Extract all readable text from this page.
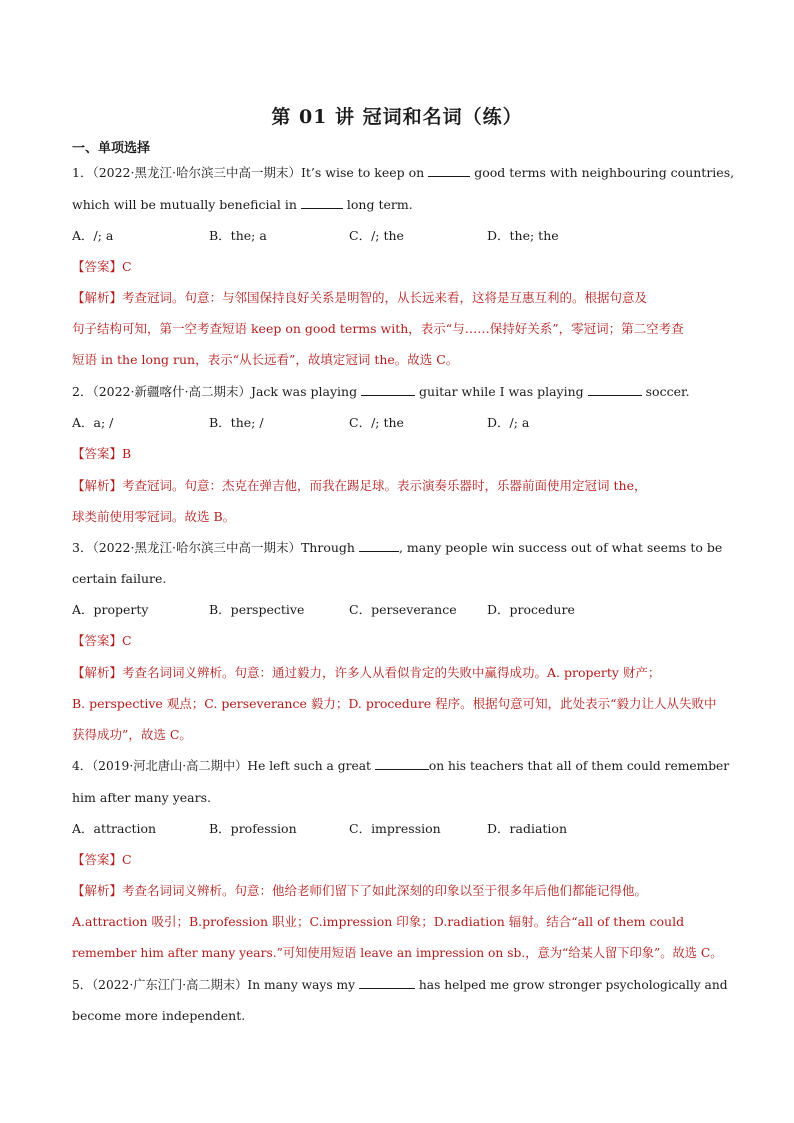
第 01 讲 冠词和名词（练）
一、单项选择
1．（2022·黑龙江·哈尔滨三中高一期末）It’s wise to keep on	good terms with neighbouring countries,
which will be mutually beneficial in	long term.
A．/; a	B．the; a	C．/; the	D．the; the
【答案】C
【解析】考查冠词。句意：与邻国保持良好关系是明智的，从长远来看，这将是互惠互利的。根据句意及
句子结构可知，第一空考查短语 keep on good terms with，表示“与……保持好关系”，零冠词；第二空考查
短语 in the long run，表示“从长远看”，故填定冠词 the。故选 C。
2．（2022·新疆喀什·高二期末）Jack was playing	guitar while I was playing	soccer.
A．a; /	B．the; /	C．/; the	D．/; a
【答案】B
【解析】考查冠词。句意：杰克在弹吉他，而我在踢足球。表示演奏乐器时，乐器前面使用定冠词 the，
球类前使用零冠词。故选 B。
3．（2022·黑龙江·哈尔滨三中高一期末）Through	, many people win success out of what seems to be
certain failure.
A．property	B．perspective	C．perseverance D．procedure
【答案】C
【解析】考查名词词义辨析。句意：通过毅力，许多人从看似肯定的失败中赢得成功。A. property 财产；
B. perspective 观点；C. perseverance 毅力；D. procedure 程序。根据句意可知，此处表示“毅力让人从失败中
获得成功”，故选 C。
4．（2019·河北唐山·高二期中）He left such a great	on his teachers that all of them could remember
him after many years.
A．attraction	B．profession	C．impression	D．radiation
【答案】C
【解析】考查名词词义辨析。句意：他给老师们留下了如此深刻的印象以至于很多年后他们都能记得他。
A.attraction 吸引；B.profession 职业；C.impression 印象；D.radiation 辐射。结合“all of them could
remember him after many years.”可知使用短语 leave an impression on sb.，意为“给某人留下印象”。故选 C。
5．（2022·广东江门·高二期末）In many ways my	has helped me grow stronger psychologically and
become more independent.
